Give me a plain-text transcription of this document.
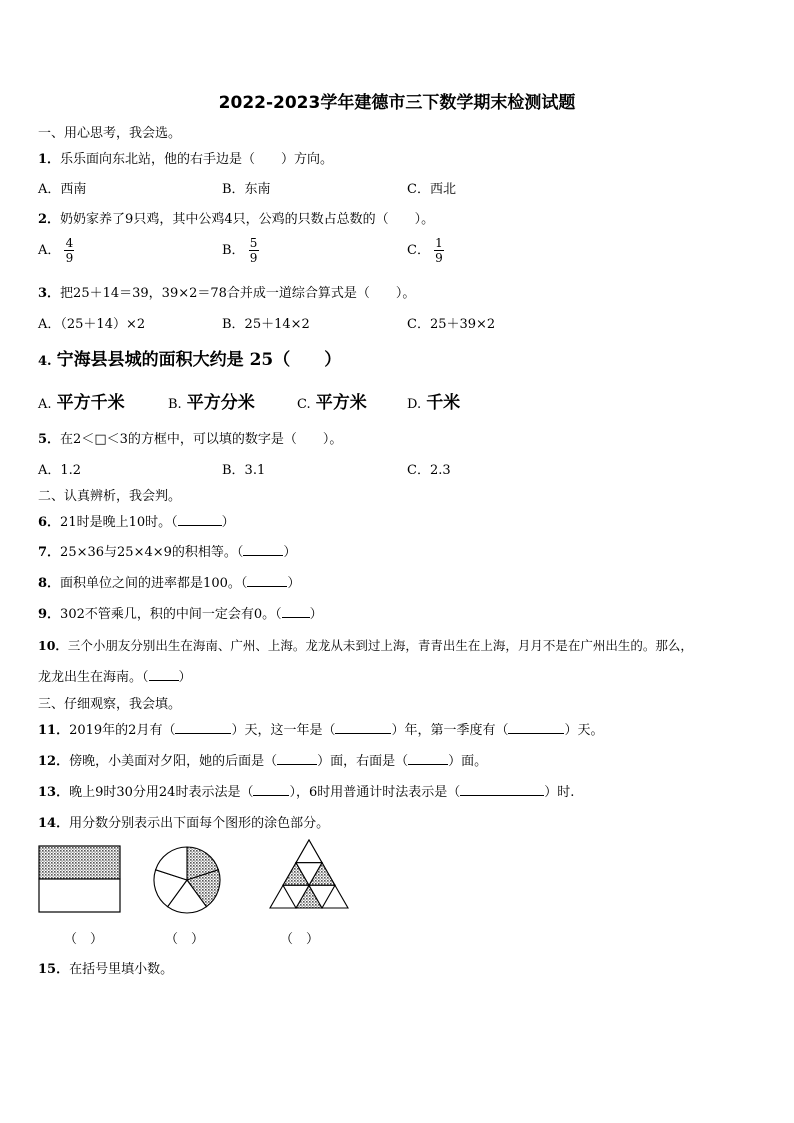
2022-2023学年建德市三下数学期末检测试题
一、用心思考，我会选。
1．乐乐面向东北站，他的右手边是（　　）方向。
A．西南	B．东南	C．西北
2．奶奶家养了9只鸡，其中公鸡4只，公鸡的只数占总数的（　　）。
A． $\frac{4}{9}$	B． $\frac{5}{9}$	C． $\frac{1}{9}$
3．把25＋14＝39，39×2＝78合并成一道综合算式是（　　）。
A．（25＋14）×2	B．25＋14×2	C．25＋39×2
4. 宁海县县城的面积大约是 25（　　）
A. 平方千米	B. 平方分米	C. 平方米	D. 千米
5．在2＜□＜3的方框中，可以填的数字是（　　）。
A．1.2	B．3.1	C．2.3
二、认真辨析，我会判。
6．21时是晚上10时。（	）
7．25×36与25×4×9的积相等。（	）
8．面积单位之间的进率都是100。（	）
9．302不管乘几，积的中间一定会有0。（ ）
10．三个小朋友分别出生在海南、广州、上海。龙龙从未到过上海，青青出生在上海，月月不是在广州出生的。那么，
龙龙出生在海南。（ ）
三、仔细观察，我会填。
11．2019年的2月有（	）天，这一年是（	）年，第一季度有（	）天。
12．傍晚，小美面对夕阳，她的后面是（	）面，右面是（	）面。
13．晚上9时30分用24时表示法是（	），6时用普通计时法表示是（	）时.
14．用分数分别表示出下面每个图形的涂色部分。
（　）	（　）	（　）
15．在括号里填小数。
